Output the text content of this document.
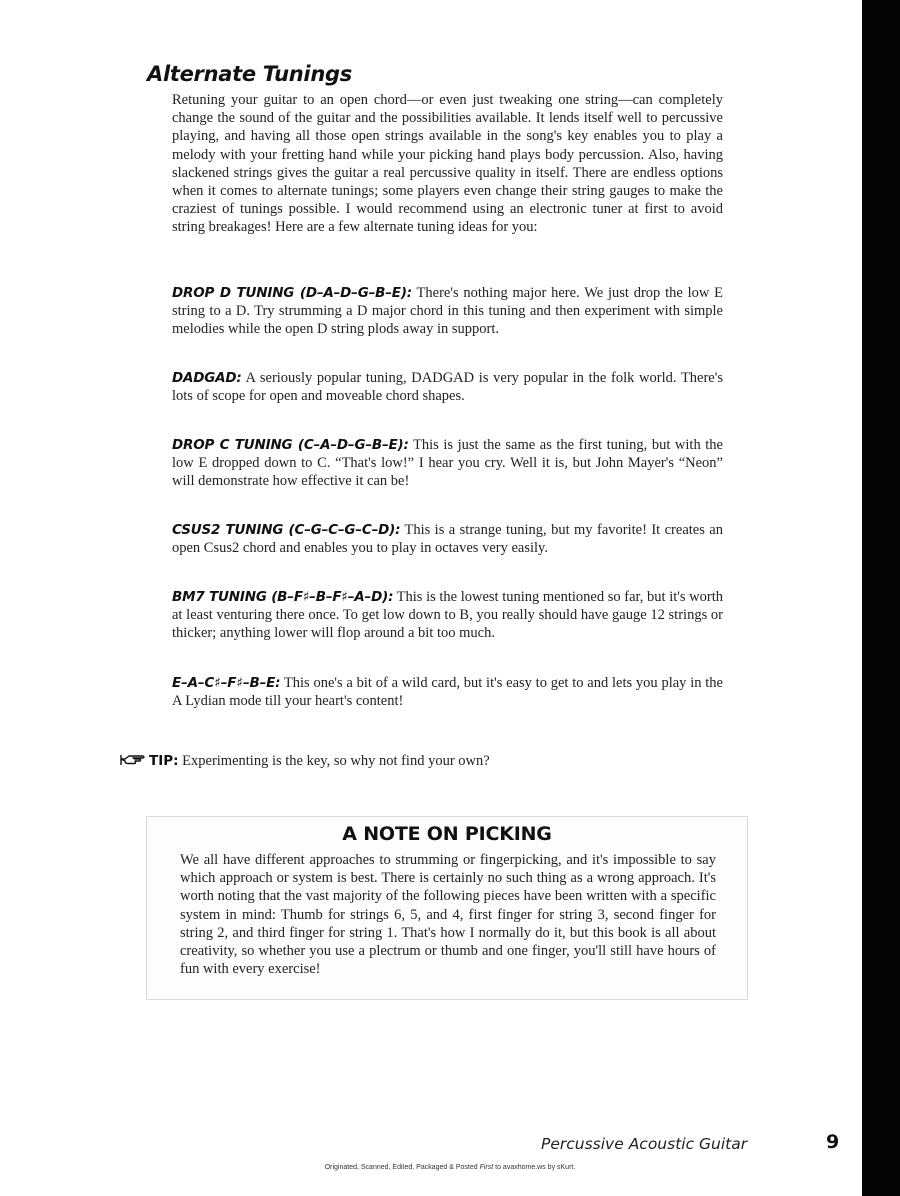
Alternate Tunings

Retuning your guitar to an open chord—or even just tweaking one string—can completely change the sound of the guitar and the possibilities available. It lends itself well to percussive playing, and having all those open strings available in the song's key enables you to play a melody with your fretting hand while your picking hand plays body percussion. Also, having slackened strings gives the guitar a real percussive quality in itself. There are endless options when it comes to alternate tunings; some players even change their string gauges to make the craziest of tunings possible. I would recommend using an electronic tuner at first to avoid string breakages! Here are a few alternate tuning ideas for you:

DROP D TUNING (D–A–D–G–B–E): There's nothing major here. We just drop the low E string to a D. Try strumming a D major chord in this tuning and then experiment with simple melodies while the open D string plods away in support.

DADGAD: A seriously popular tuning, DADGAD is very popular in the folk world. There's lots of scope for open and moveable chord shapes.

DROP C TUNING (C–A–D–G–B–E): This is just the same as the first tuning, but with the low E dropped down to C. “That's low!” I hear you cry. Well it is, but John Mayer's “Neon” will demonstrate how effective it can be!

CSUS2 TUNING (C–G–C–G–C–D): This is a strange tuning, but my favorite! It creates an open Csus2 chord and enables you to play in octaves very easily.

BM7 TUNING (B–F♯–B–F♯–A–D): This is the lowest tuning mentioned so far, but it's worth at least venturing there once. To get low down to B, you really should have gauge 12 strings or thicker; anything lower will flop around a bit too much.

E–A–C♯–F♯–B–E: This one's a bit of a wild card, but it's easy to get to and lets you play in the A Lydian mode till your heart's content!

TIP: Experimenting is the key, so why not find your own?

A NOTE ON PICKING

We all have different approaches to strumming or fingerpicking, and it's impossible to say which approach or system is best. There is certainly no such thing as a wrong approach. It's worth noting that the vast majority of the following pieces have been written with a specific system in mind: Thumb for strings 6, 5, and 4, first finger for string 3, second finger for string 2, and third finger for string 1. That's how I normally do it, but this book is all about creativity, so whether you use a plectrum or thumb and one finger, you'll still have hours of fun with every exercise!

Percussive Acoustic Guitar	9

Originated, Scanned, Edited, Packaged & Posted First to avaxhome.ws by sKurt.
